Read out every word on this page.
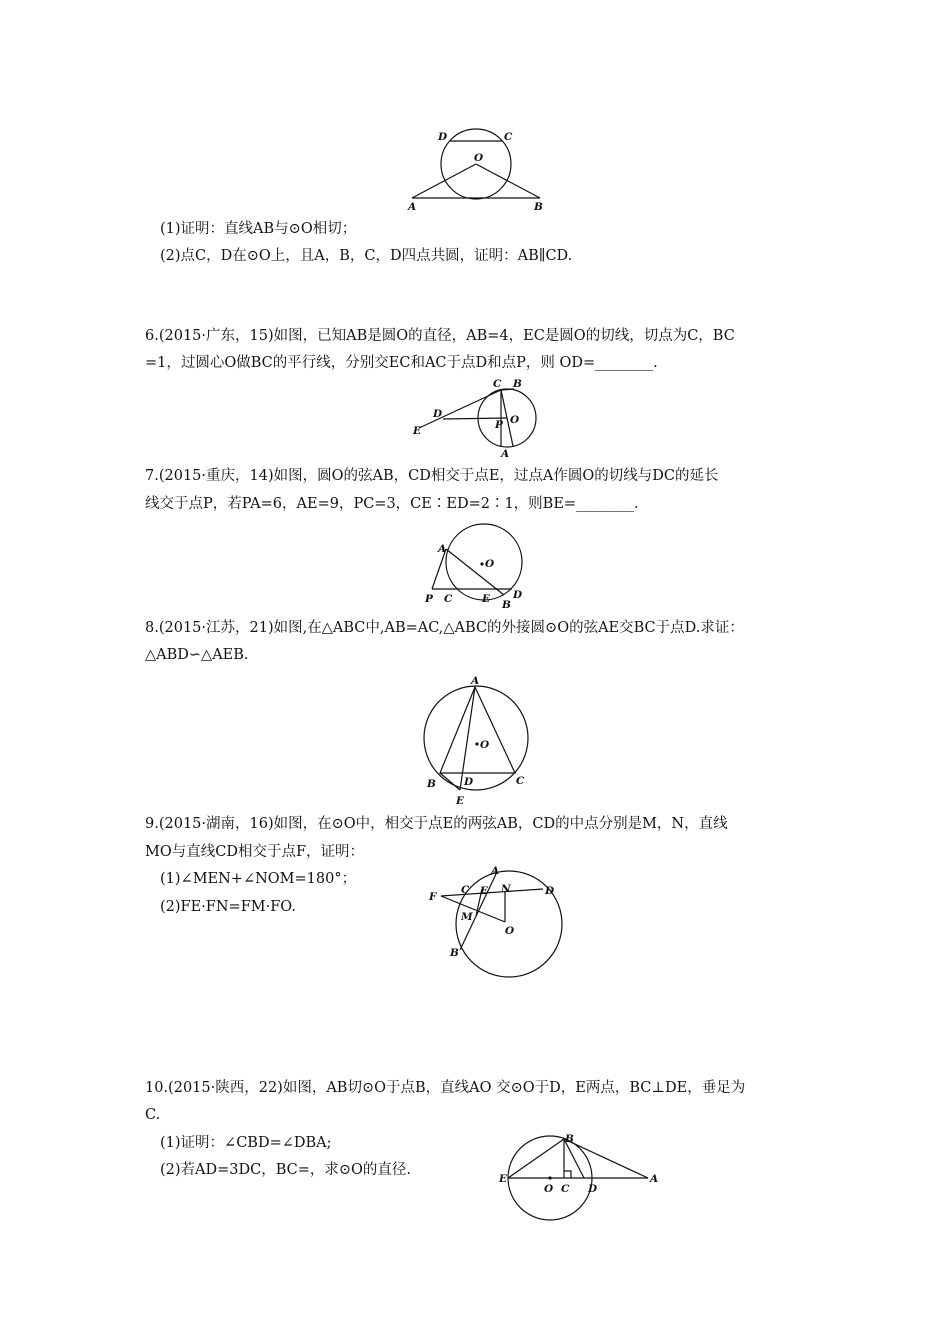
D	C
O
A	B
(1)证明：直线AB与⊙O相切；
(2)点C，D在⊙O上，且A，B，C，D四点共圆，证明：AB∥CD.
6.(2015·广东，15)如图，已知AB是圆O的直径，AB=4，EC是圆O的切线，切点为C，BC
=1，过圆心O做BC的平行线，分别交EC和AC于点D和点P，则 OD=________.
C B
D
E
O
P
A
7.(2015·重庆，14)如图，圆O的弦AB，CD相交于点E，过点A作圆O的切线与DC的延长
线交于点P，若PA=6，AE=9，PC=3，CE∶ED=2∶1，则BE=________.
A
O
P C	E D
B
8.(2015·江苏，21)如图,在△ABC中,AB=AC,△ABC的外接圆⊙O的弦AE交BC于点D.求证：
△ABD∽△AEB.
A
O
B	D	C
E
9.(2015·湖南，16)如图，在⊙O中，相交于点E的两弦AB，CD的中点分别是M，N，直线
MO与直线CD相交于点F，证明：
(1)∠MEN+∠NOM=180°；
(2)FE·FN=FM·FO.
A
F
C E N	D
M
O
B
10.(2015·陕西，22)如图，AB切⊙O于点B，直线AO 交⊙O于D，E两点，BC⊥DE，垂足为
C.
(1)证明：∠CBD=∠DBA;
(2)若AD=3DC，BC=，求⊙O的直径.
B
E
O C D
A
